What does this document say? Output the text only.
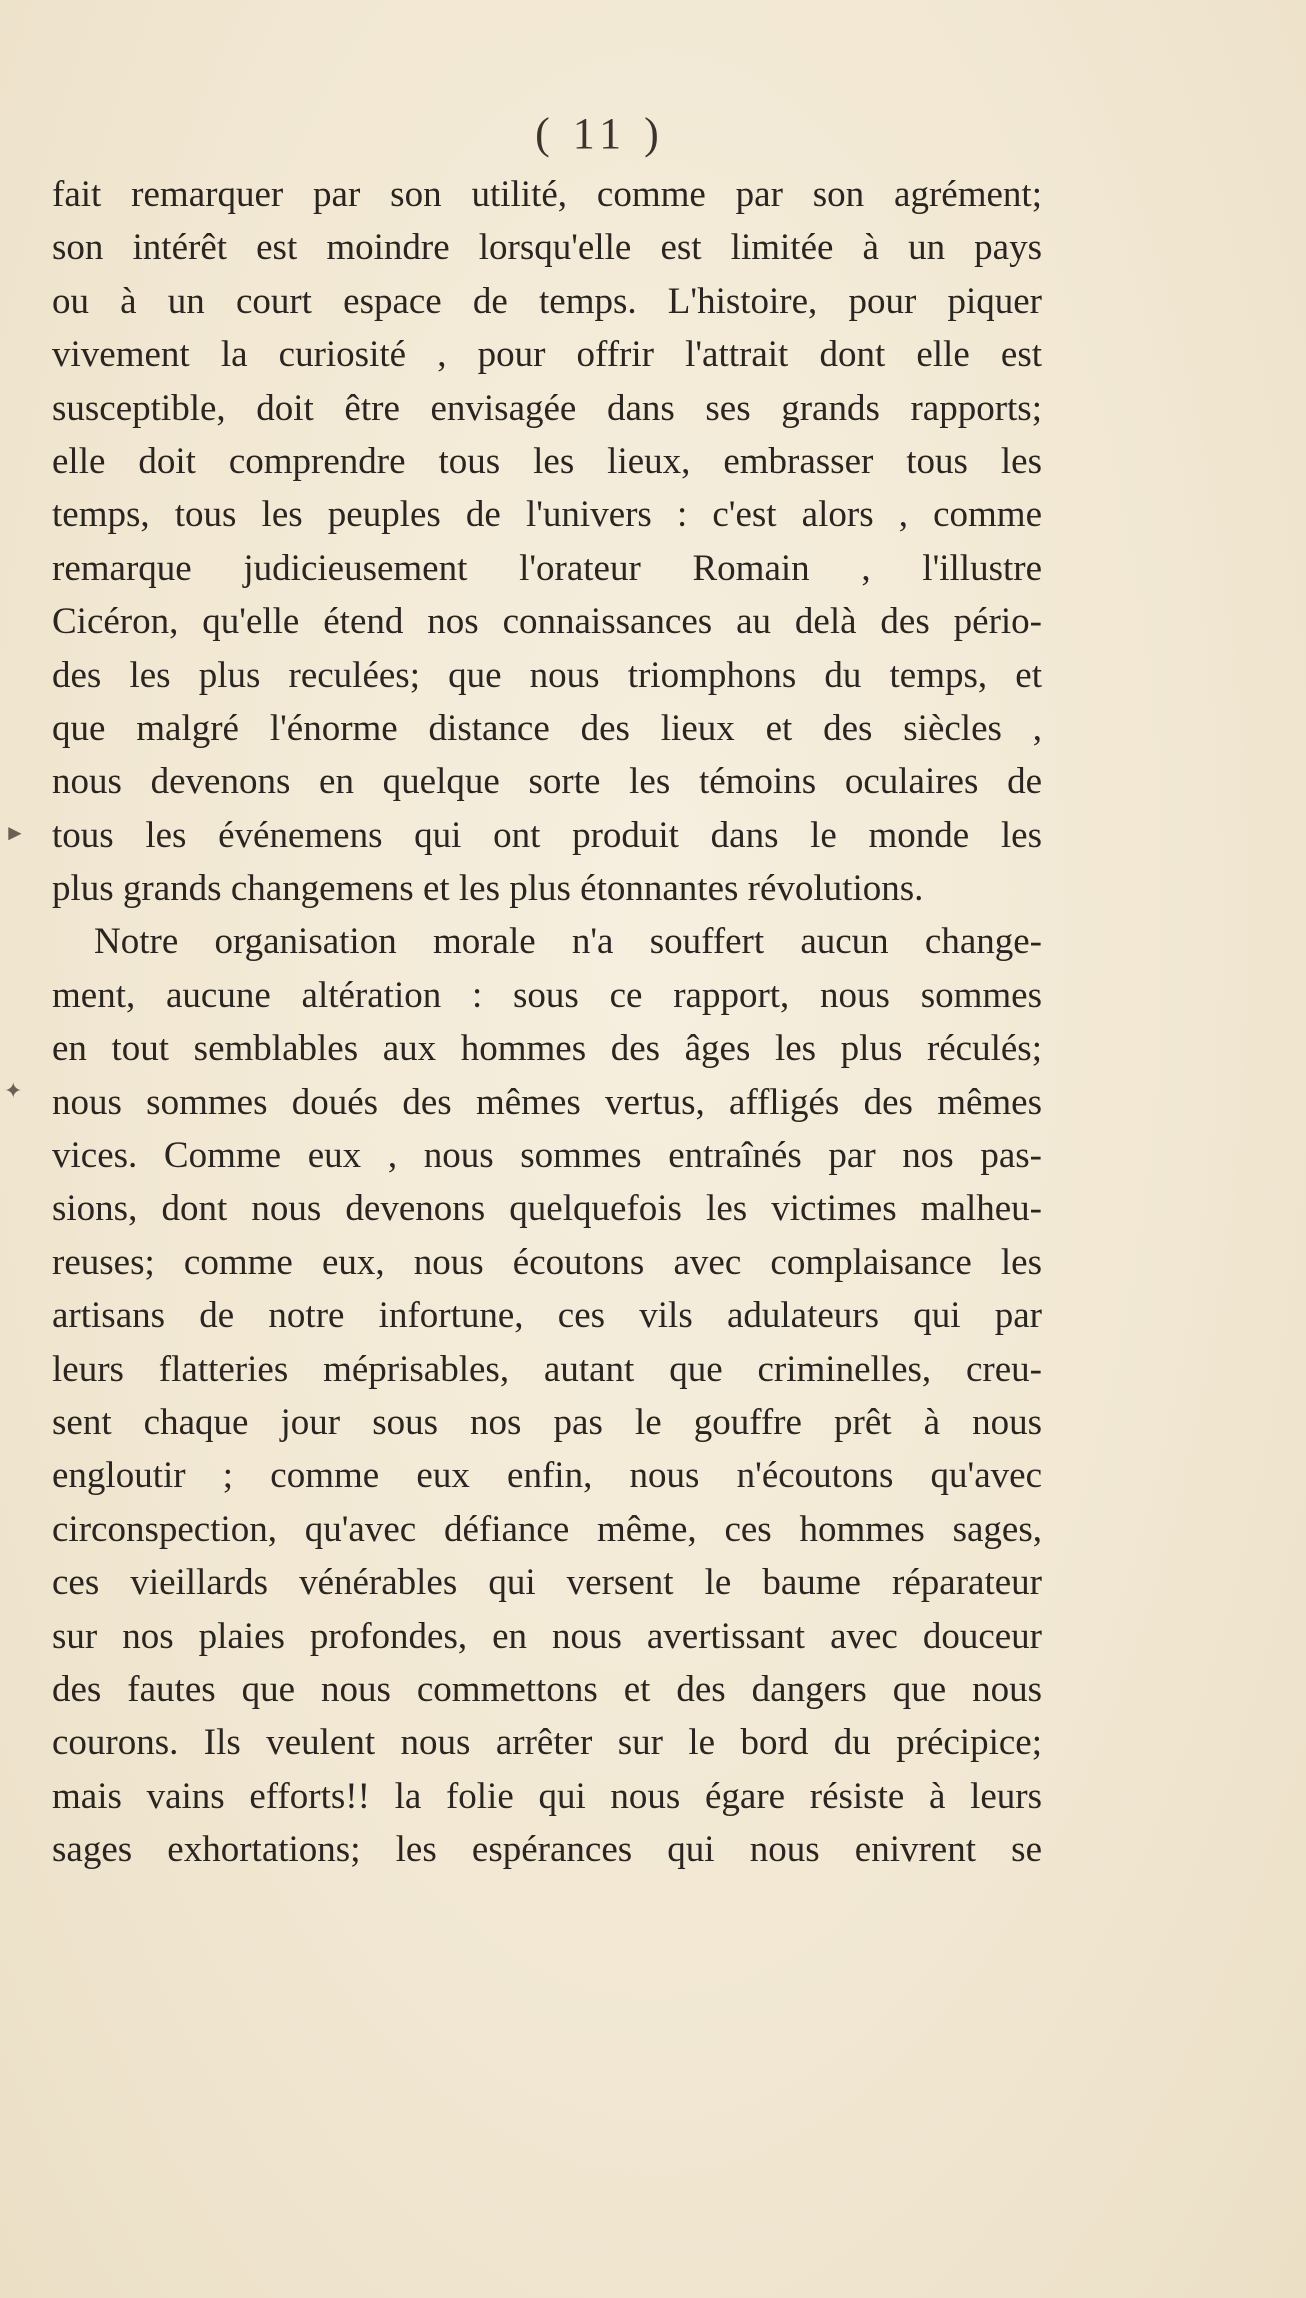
( 11 )
►
✦
fait remarquer par son utilité, comme par son agrément;
son intérêt est moindre lorsqu'elle est limitée à un pays
ou à un court espace de temps. L'histoire, pour piquer
vivement la curiosité , pour offrir l'attrait dont elle est
susceptible, doit être envisagée dans ses grands rapports;
elle doit comprendre tous les lieux, embrasser tous les
temps, tous les peuples de l'univers : c'est alors , comme
remarque judicieusement l'orateur Romain , l'illustre
Cicéron, qu'elle étend nos connaissances au delà des pério-
des les plus reculées; que nous triomphons du temps, et
que malgré l'énorme distance des lieux et des siècles ,
nous devenons en quelque sorte les témoins oculaires de
tous les événemens qui ont produit dans le monde les
plus grands changemens et les plus étonnantes révolutions.
Notre organisation morale n'a souffert aucun change-
ment, aucune altération : sous ce rapport, nous sommes
en tout semblables aux hommes des âges les plus réculés;
nous sommes doués des mêmes vertus, affligés des mêmes
vices. Comme eux , nous sommes entraînés par nos pas-
sions, dont nous devenons quelquefois les victimes malheu-
reuses; comme eux, nous écoutons avec complaisance les
artisans de notre infortune, ces vils adulateurs qui par
leurs flatteries méprisables, autant que criminelles, creu-
sent chaque jour sous nos pas le gouffre prêt à nous
engloutir ; comme eux enfin, nous n'écoutons qu'avec
circonspection, qu'avec défiance même, ces hommes sages,
ces vieillards vénérables qui versent le baume réparateur
sur nos plaies profondes, en nous avertissant avec douceur
des fautes que nous commettons et des dangers que nous
courons. Ils veulent nous arrêter sur le bord du précipice;
mais vains efforts!! la folie qui nous égare résiste à leurs
sages exhortations; les espérances qui nous enivrent se
